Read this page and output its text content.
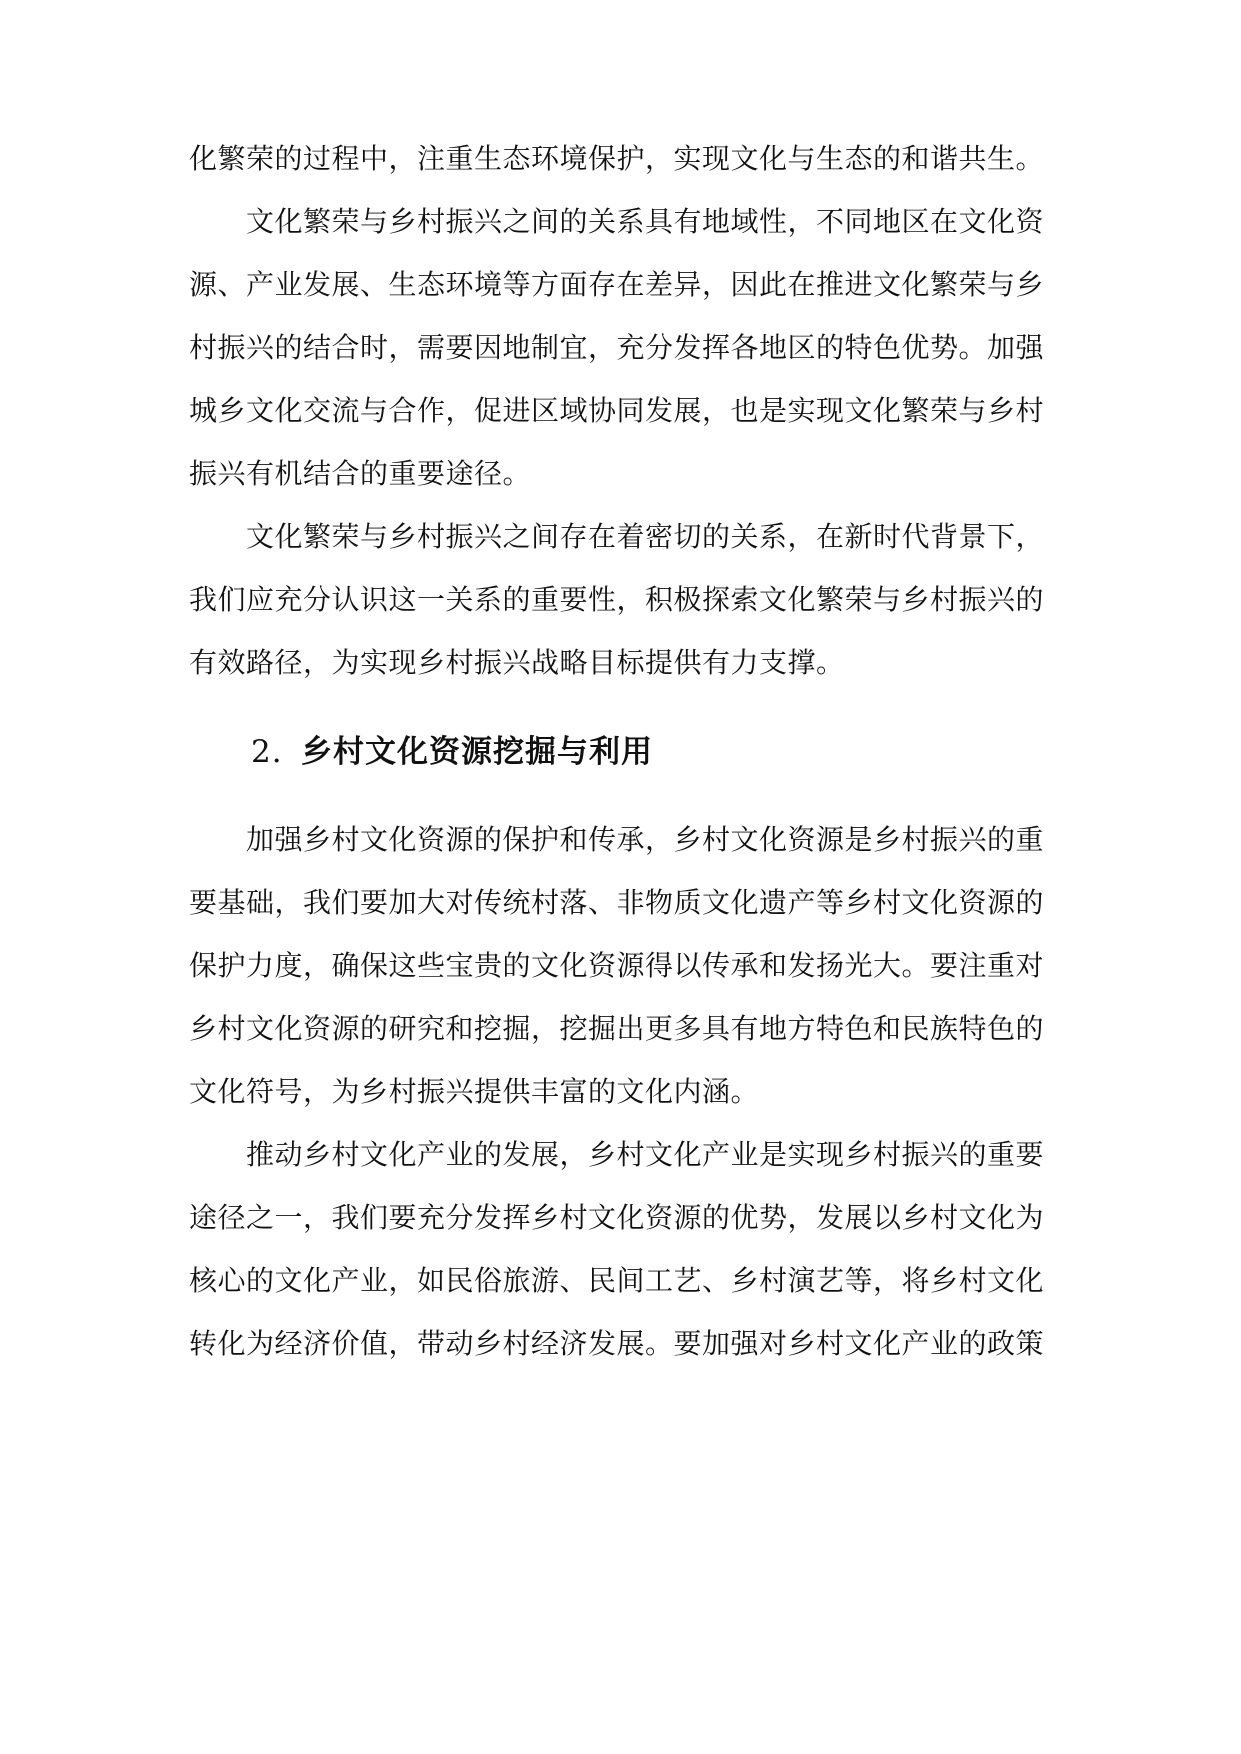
化繁荣的过程中，注重生态环境保护，实现文化与生态的和谐共生。
文化繁荣与乡村振兴之间的关系具有地域性，不同地区在文化资
源、产业发展、生态环境等方面存在差异，因此在推进文化繁荣与乡
村振兴的结合时，需要因地制宜，充分发挥各地区的特色优势。加强
城乡文化交流与合作，促进区域协同发展，也是实现文化繁荣与乡村
振兴有机结合的重要途径。
文化繁荣与乡村振兴之间存在着密切的关系，在新时代背景下，
我们应充分认识这一关系的重要性，积极探索文化繁荣与乡村振兴的
有效路径，为实现乡村振兴战略目标提供有力支撑。
2. 乡村文化资源挖掘与利用
加强乡村文化资源的保护和传承，乡村文化资源是乡村振兴的重
要基础，我们要加大对传统村落、非物质文化遗产等乡村文化资源的
保护力度，确保这些宝贵的文化资源得以传承和发扬光大。要注重对
乡村文化资源的研究和挖掘，挖掘出更多具有地方特色和民族特色的
文化符号，为乡村振兴提供丰富的文化内涵。
推动乡村文化产业的发展，乡村文化产业是实现乡村振兴的重要
途径之一，我们要充分发挥乡村文化资源的优势，发展以乡村文化为
核心的文化产业，如民俗旅游、民间工艺、乡村演艺等，将乡村文化
转化为经济价值，带动乡村经济发展。要加强对乡村文化产业的政策
